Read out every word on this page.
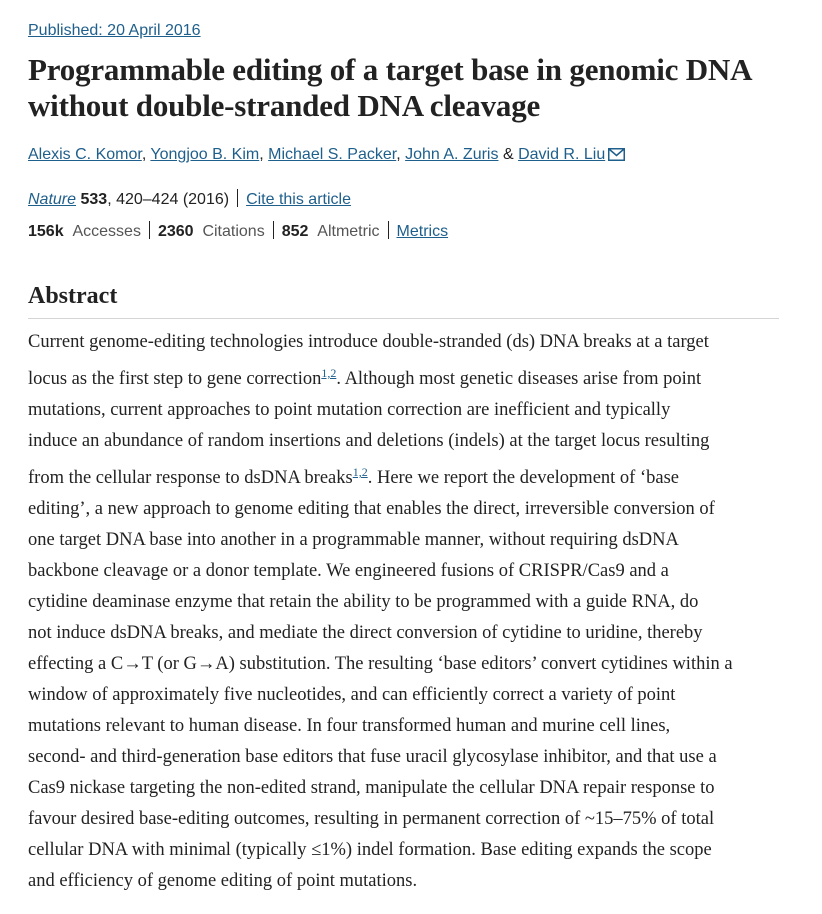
Published: 20 April 2016
Programmable editing of a target base in genomic DNA without double-stranded DNA cleavage
Alexis C. Komor, Yongjoo B. Kim, Michael S. Packer, John A. Zuris & David R. Liu
Nature 533, 420–424 (2016) Cite this article
156k Accesses 2360 Citations 852 Altmetric Metrics
Abstract

Current genome-editing technologies introduce double-stranded (ds) DNA breaks at a target
locus as the first step to gene correction$^{1,2}$. Although most genetic diseases arise from point
mutations, current approaches to point mutation correction are inefficient and typically
induce an abundance of random insertions and deletions (indels) at the target locus resulting
from the cellular response to dsDNA breaks$^{1,2}$. Here we report the development of ‘base
editing’, a new approach to genome editing that enables the direct, irreversible conversion of
one target DNA base into another in a programmable manner, without requiring dsDNA
backbone cleavage or a donor template. We engineered fusions of CRISPR/Cas9 and a
cytidine deaminase enzyme that retain the ability to be programmed with a guide RNA, do
not induce dsDNA breaks, and mediate the direct conversion of cytidine to uridine, thereby
effecting a C→T (or G→A) substitution. The resulting ‘base editors’ convert cytidines within a
window of approximately five nucleotides, and can efficiently correct a variety of point
mutations relevant to human disease. In four transformed human and murine cell lines,
second- and third-generation base editors that fuse uracil glycosylase inhibitor, and that use a
Cas9 nickase targeting the non-edited strand, manipulate the cellular DNA repair response to
favour desired base-editing outcomes, resulting in permanent correction of ~15–75% of total
cellular DNA with minimal (typically ≤1%) indel formation. Base editing expands the scope
and efficiency of genome editing of point mutations.
